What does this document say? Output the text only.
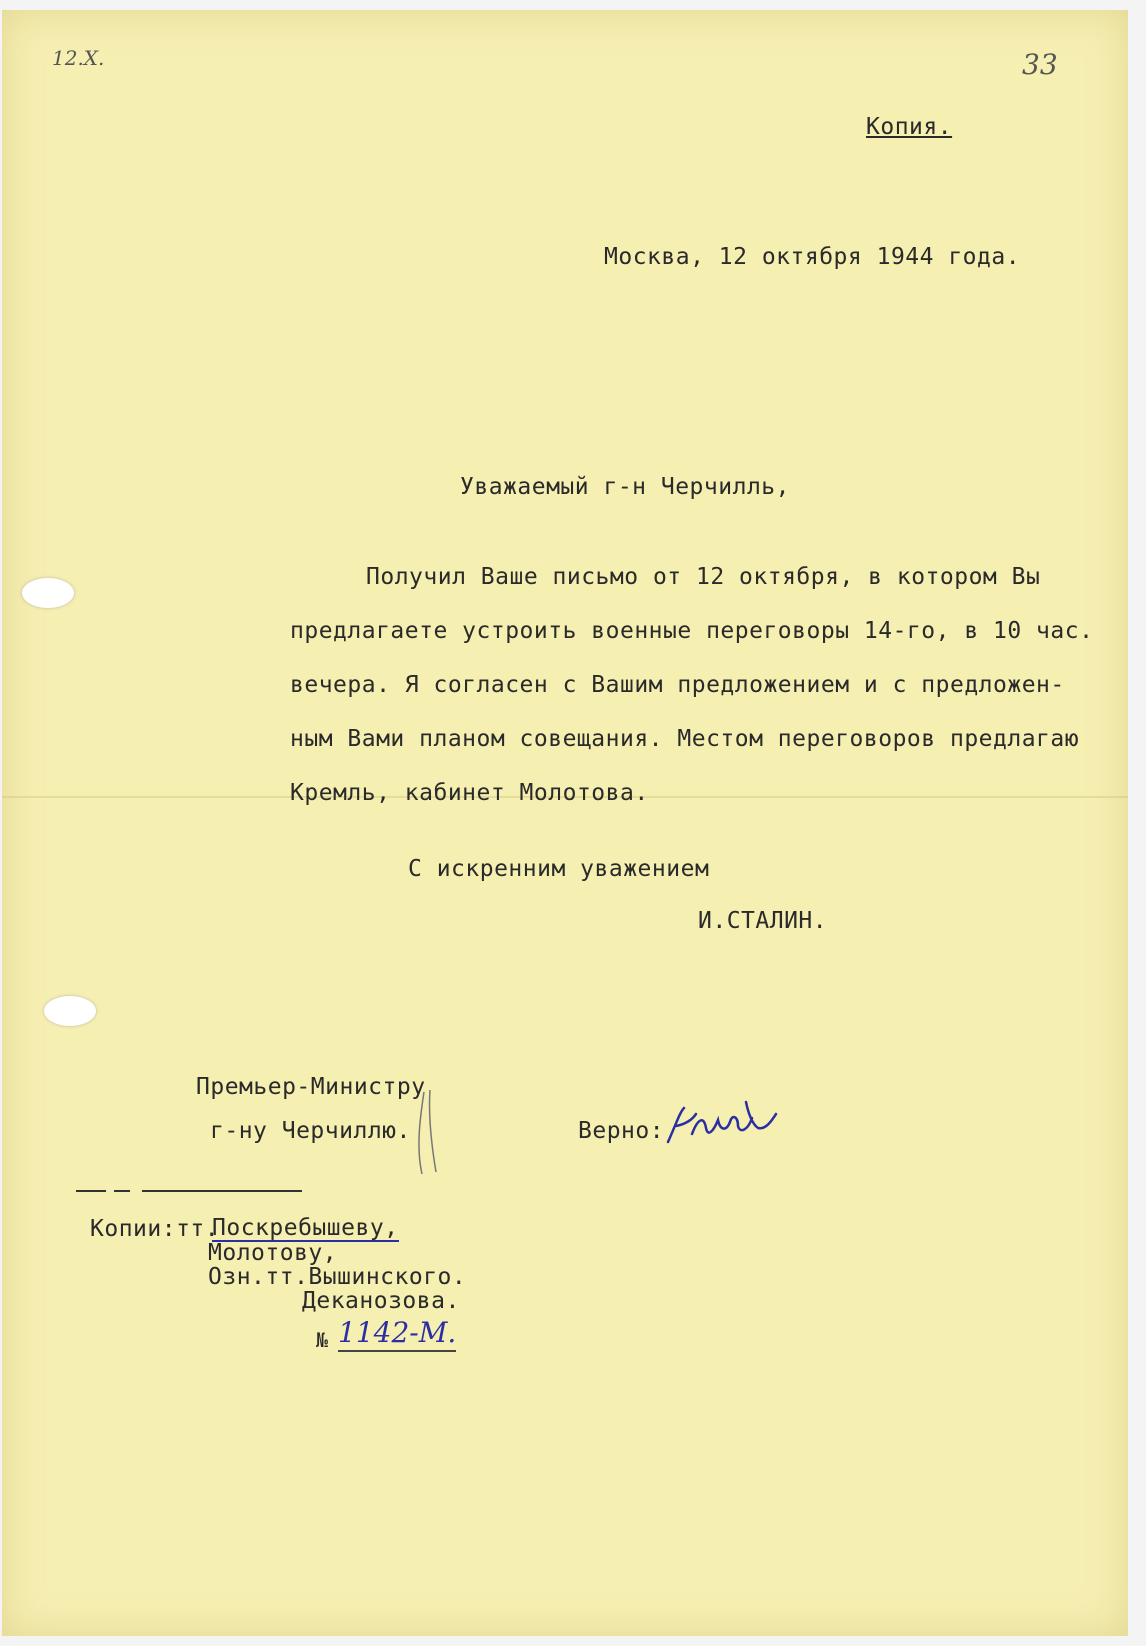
12.X.	33
Копия.
Москва, 12 октября 1944 года.
Уважаемый г-н Черчилль,
Получил Ваше письмо от 12 октября, в котором Вы
предлагаете устроить военные переговоры 14-го, в 10 час.
вечера. Я согласен с Вашим предложением и с предложен-
ным Вами планом совещания. Местом переговоров предлагаю
Кремль, кабинет Молотова.
С искренним уважением
И.СТАЛИН.
Премьер-Министру
г-ну Черчиллю.	Верно:
Копии:тт.
Поскребышеву,
Молотову,
Озн.тт.Вышинского.
Деканозова.
№ 1142-M.
